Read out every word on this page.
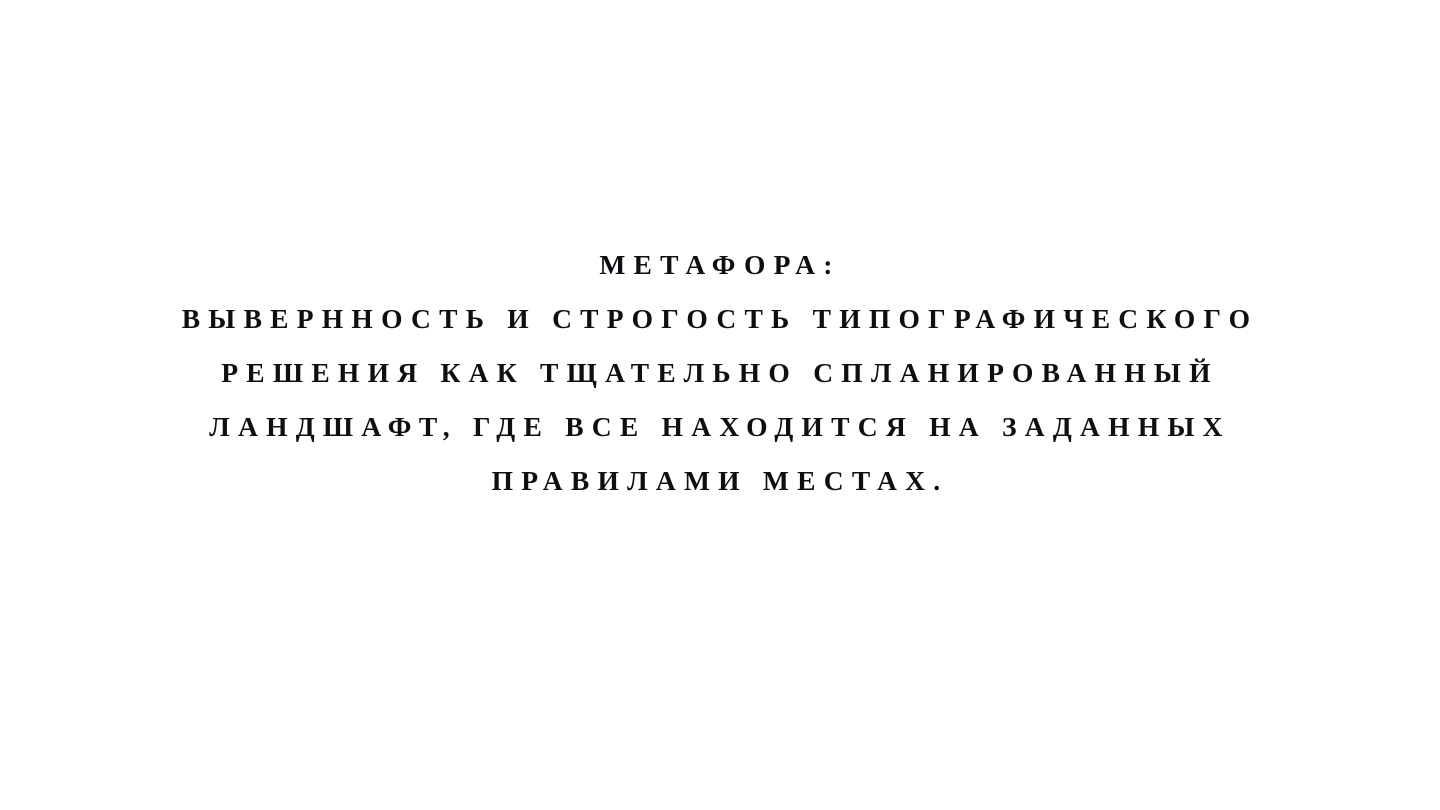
МЕТАФОРА:
ВЫВЕРННОСТЬ И СТРОГОСТЬ ТИПОГРАФИЧЕСКОГО
РЕШЕНИЯ КАК ТЩАТЕЛЬНО СПЛАНИРОВАННЫЙ
ЛАНДШАФТ, ГДЕ ВСЕ НАХОДИТСЯ НА ЗАДАННЫХ
ПРАВИЛАМИ МЕСТАХ.
